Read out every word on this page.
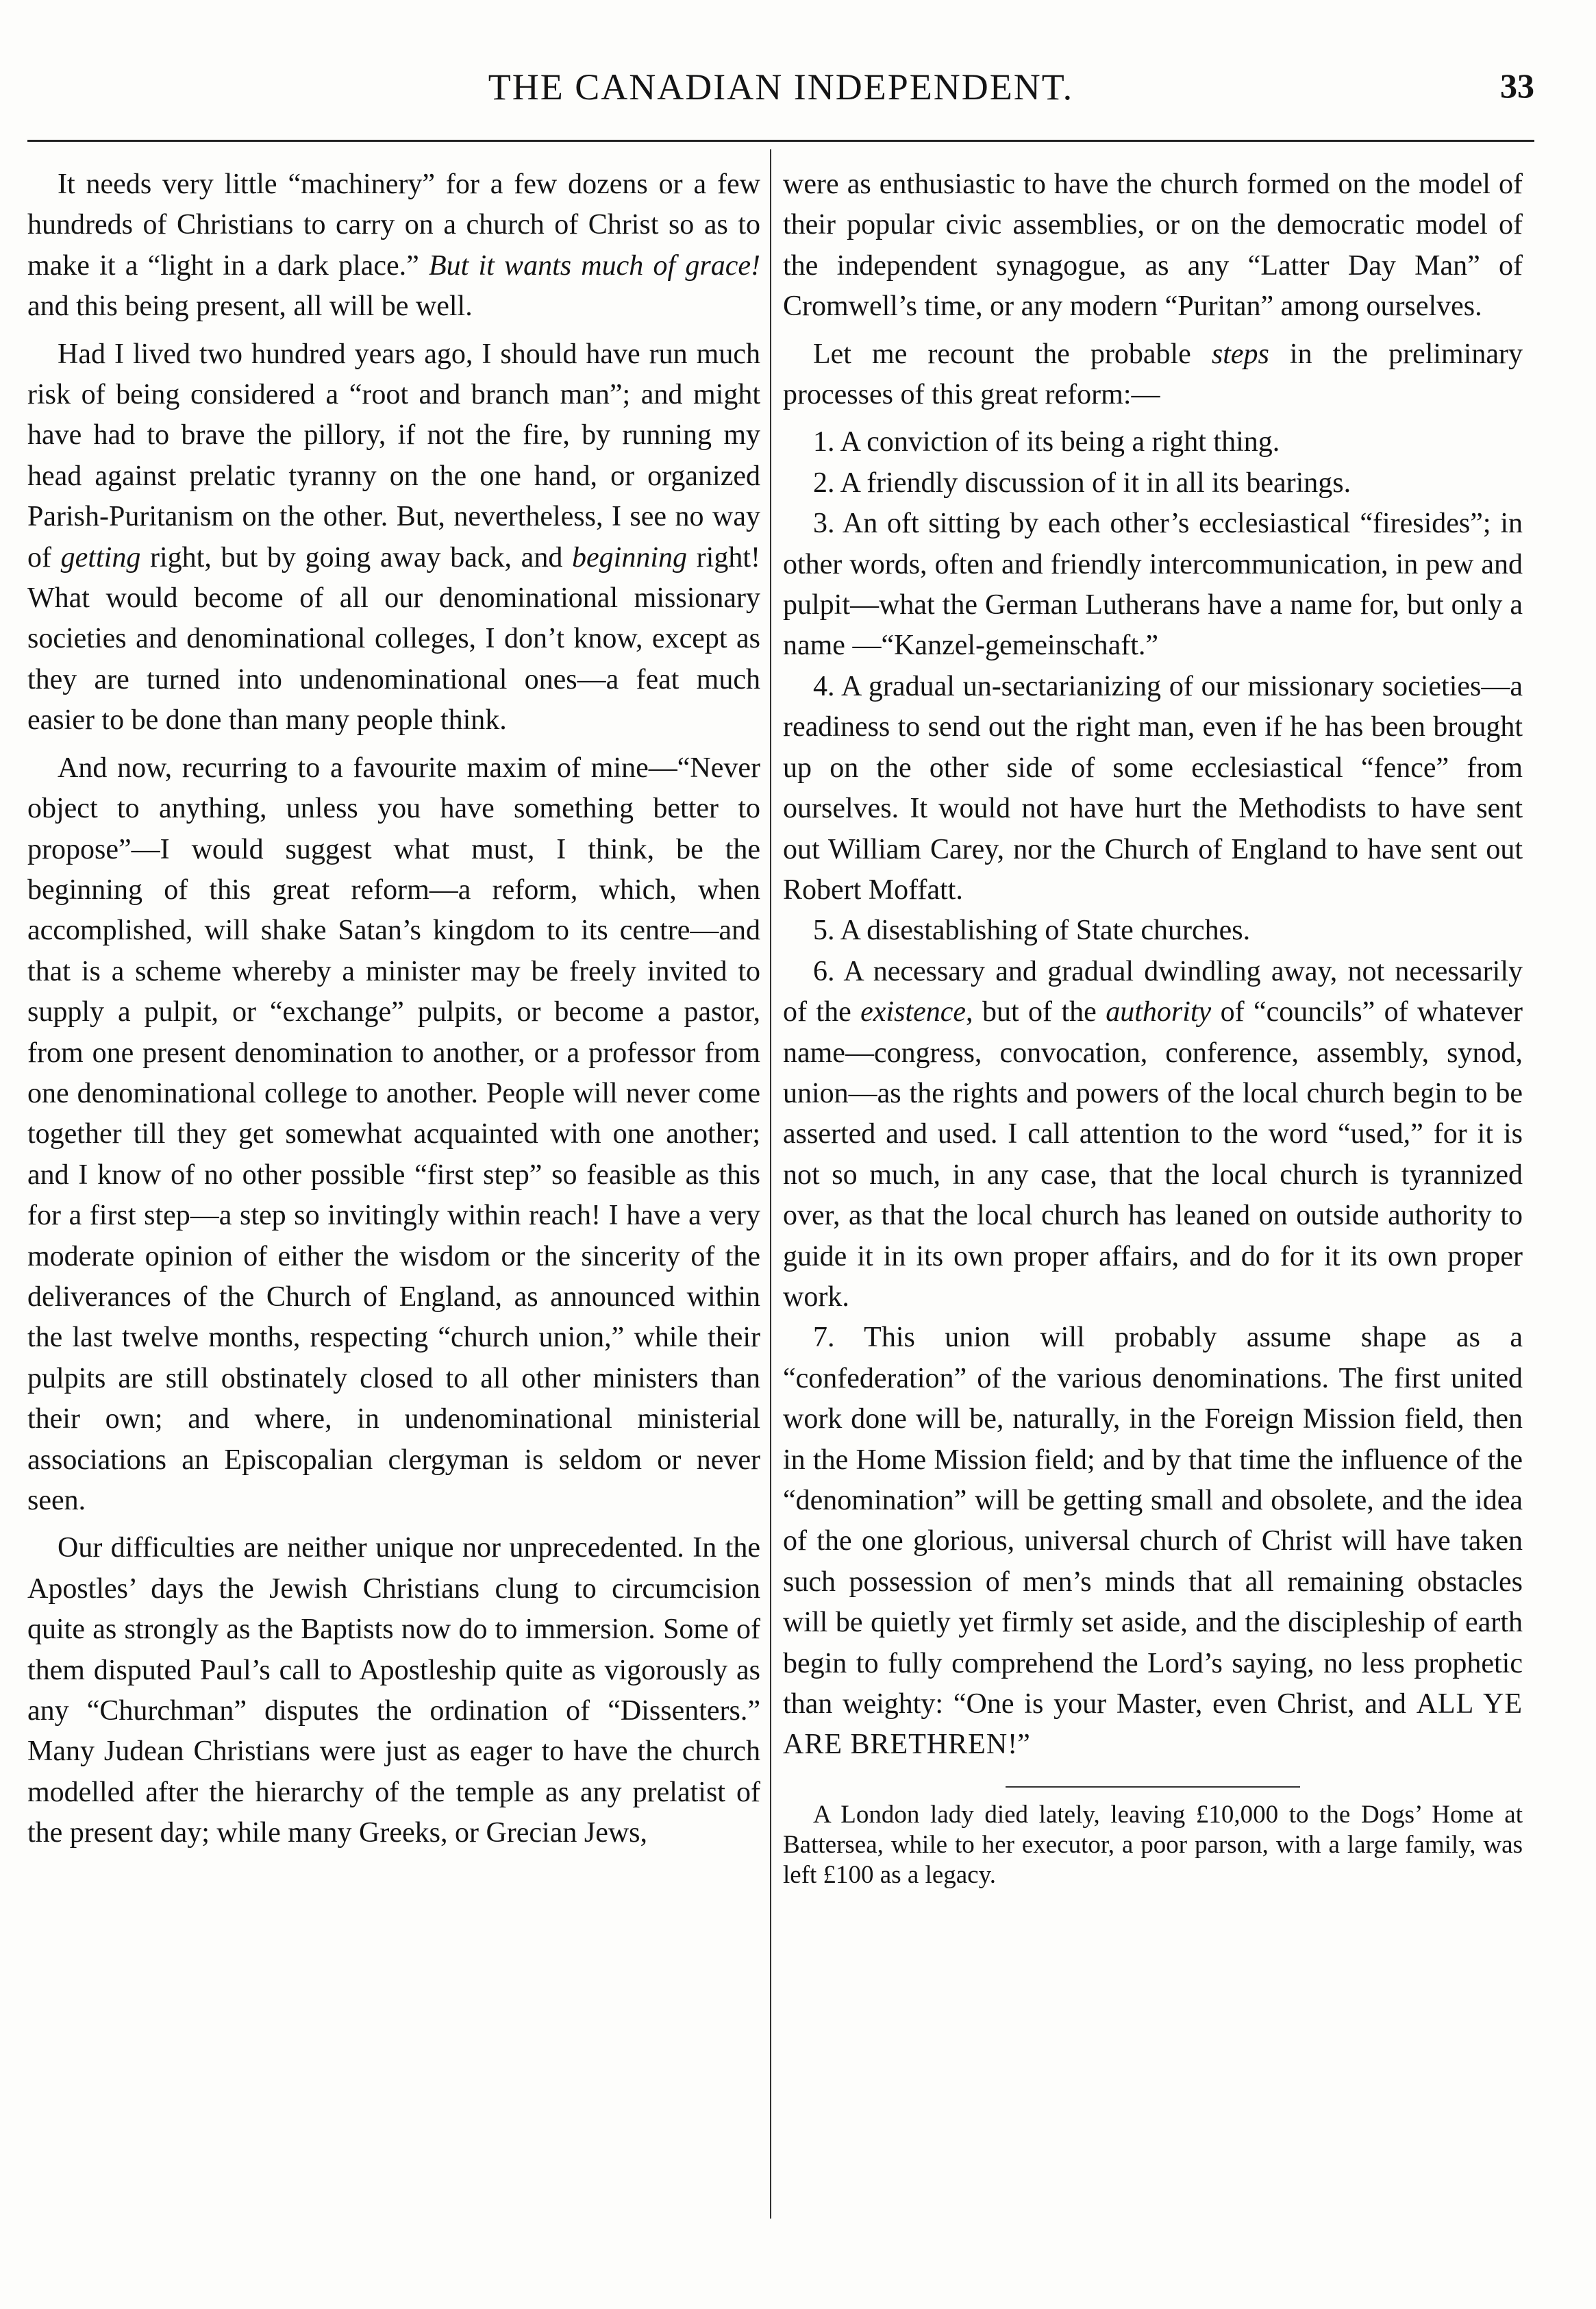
THE CANADIAN INDEPENDENT.	33

It needs very little “machinery” for a few dozens or a few hundreds of Christians to carry on a church of Christ so as to make it a “light in a dark place.” But it wants much of grace! and this being present, all will be well.

Had I lived two hundred years ago, I should have run much risk of being considered a “root and branch man”; and might have had to brave the pillory, if not the fire, by running my head against prelatic tyranny on the one hand, or organized Parish-Puritanism on the other. But, nevertheless, I see no way of getting right, but by going away back, and beginning right! What would become of all our denominational missionary societies and denominational colleges, I don’t know, except as they are turned into undenominational ones—a feat much easier to be done than many people think.

And now, recurring to a favourite maxim of mine—“Never object to anything, unless you have something better to propose”—I would suggest what must, I think, be the beginning of this great reform—a reform, which, when accomplished, will shake Satan’s kingdom to its centre—and that is a scheme whereby a minister may be freely invited to supply a pulpit, or “exchange” pulpits, or become a pastor, from one present denomination to another, or a professor from one denominational college to another. People will never come together till they get somewhat acquainted with one another; and I know of no other possible “first step” so feasible as this for a first step—a step so invitingly within reach! I have a very moderate opinion of either the wisdom or the sincerity of the deliverances of the Church of England, as announced within the last twelve months, respecting “church union,” while their pulpits are still obstinately closed to all other ministers than their own; and where, in undenominational ministerial associations an Episcopalian clergyman is seldom or never seen.

Our difficulties are neither unique nor unprecedented. In the Apostles’ days the Jewish Christians clung to circumcision quite as strongly as the Baptists now do to immersion. Some of them disputed Paul’s call to Apostleship quite as vigorously as any “Churchman” disputes the ordination of “Dissenters.” Many Judean Christians were just as eager to have the church modelled after the hierarchy of the temple as any prelatist of the present day; while many Greeks, or Grecian Jews,

were as enthusiastic to have the church formed on the model of their popular civic assemblies, or on the democratic model of the independent synagogue, as any “Latter Day Man” of Cromwell’s time, or any modern “Puritan” among ourselves.

Let me recount the probable steps in the preliminary processes of this great reform:—

1. A conviction of its being a right thing.

2. A friendly discussion of it in all its bearings.

3. An oft sitting by each other’s ecclesiastical “firesides”; in other words, often and friendly intercommunication, in pew and pulpit—what the German Lutherans have a name for, but only a name —“Kanzel-gemeinschaft.”

4. A gradual un-sectarianizing of our missionary societies—a readiness to send out the right man, even if he has been brought up on the other side of some ecclesiastical “fence” from ourselves. It would not have hurt the Methodists to have sent out William Carey, nor the Church of England to have sent out Robert Moffatt.

5. A disestablishing of State churches.

6. A necessary and gradual dwindling away, not necessarily of the existence, but of the authority of “councils” of whatever name—congress, convocation, conference, assembly, synod, union—as the rights and powers of the local church begin to be asserted and used. I call attention to the word “used,” for it is not so much, in any case, that the local church is tyrannized over, as that the local church has leaned on outside authority to guide it in its own proper affairs, and do for it its own proper work.

7. This union will probably assume shape as a “confederation” of the various denominations. The first united work done will be, naturally, in the Foreign Mission field, then in the Home Mission field; and by that time the influence of the “denomination” will be getting small and obsolete, and the idea of the one glorious, universal church of Christ will have taken such possession of men’s minds that all remaining obstacles will be quietly yet firmly set aside, and the discipleship of earth begin to fully comprehend the Lord’s saying, no less prophetic than weighty: “One is your Master, even Christ, and ALL YE ARE BRETHREN!”

A London lady died lately, leaving £10,000 to the Dogs’ Home at Battersea, while to her executor, a poor parson, with a large family, was left £100 as a legacy.
